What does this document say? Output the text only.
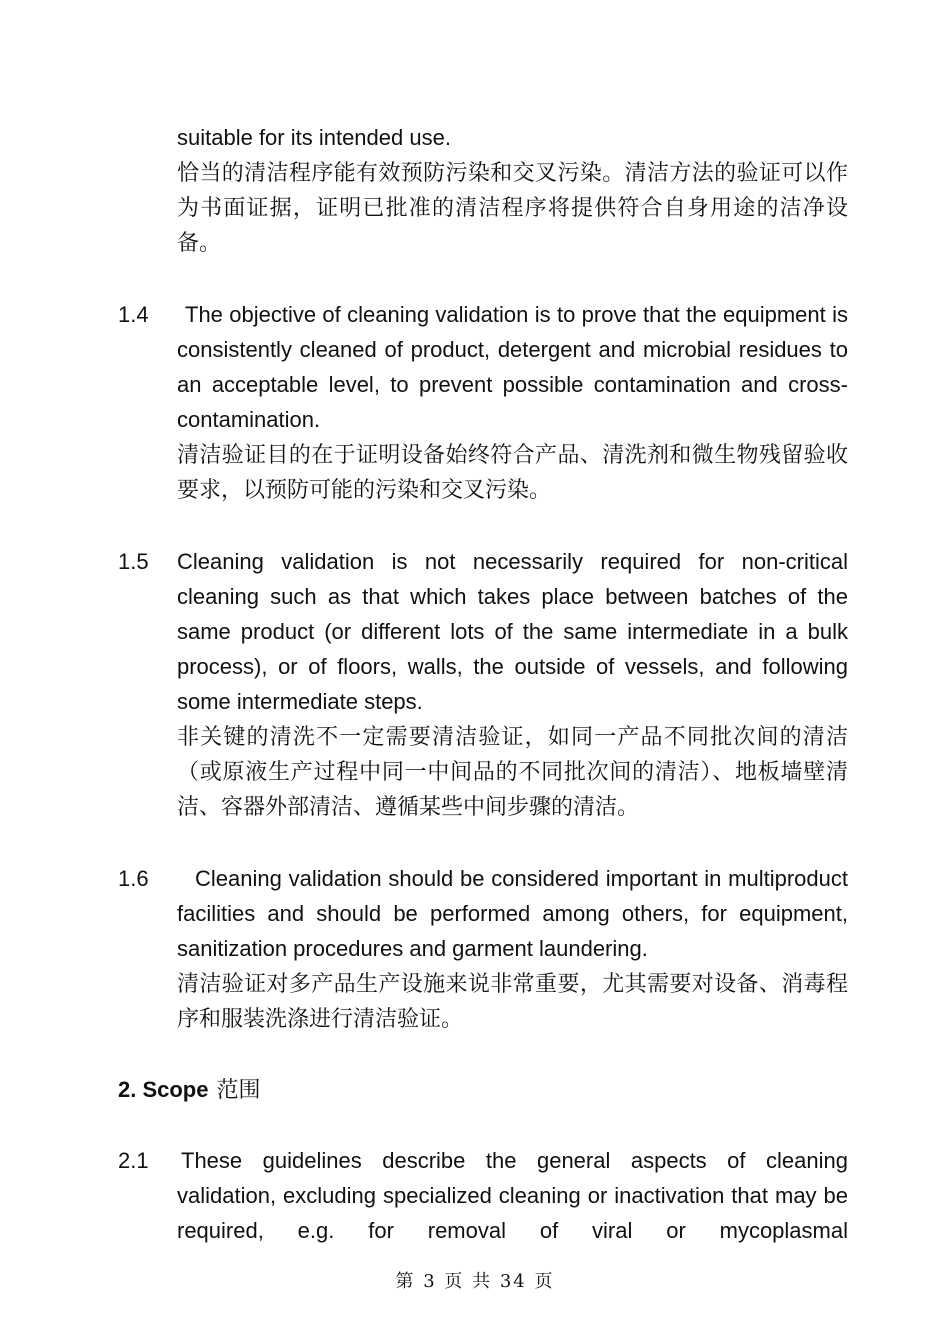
suitable for its intended use.

恰当的清洁程序能有效预防污染和交叉污染。清洁方法的验证可以作为书面证据，证明已批准的清洁程序将提供符合自身用途的洁净设备。

1.4	The objective of cleaning validation is to prove that the equipment is consistently cleaned of product, detergent and microbial residues to an acceptable level, to prevent possible contamination and cross-contamination.

清洁验证目的在于证明设备始终符合产品、清洗剂和微生物残留验收要求，以预防可能的污染和交叉污染。

1.5 Cleaning validation is not necessarily required for non-critical cleaning such as that which takes place between batches of the same product (or different lots of the same intermediate in a bulk process), or of floors, walls, the outside of vessels, and following some intermediate steps.

非关键的清洗不一定需要清洁验证，如同一产品不同批次间的清洁（或原液生产过程中同一中间品的不同批次间的清洁）、地板墙壁清洁、容器外部清洁、遵循某些中间步骤的清洁。

1.6	Cleaning validation should be considered important in multiproduct facilities and should be performed among others, for equipment, sanitization procedures and garment laundering.

清洁验证对多产品生产设施来说非常重要，尤其需要对设备、消毒程序和服装洗涤进行清洁验证。

2. Scope 范围
2.1 These guidelines describe the general aspects of cleaning validation, excluding specialized cleaning or inactivation that may be required, e.g. for removal of viral or mycoplasmal

第 3 页 共 34 页
